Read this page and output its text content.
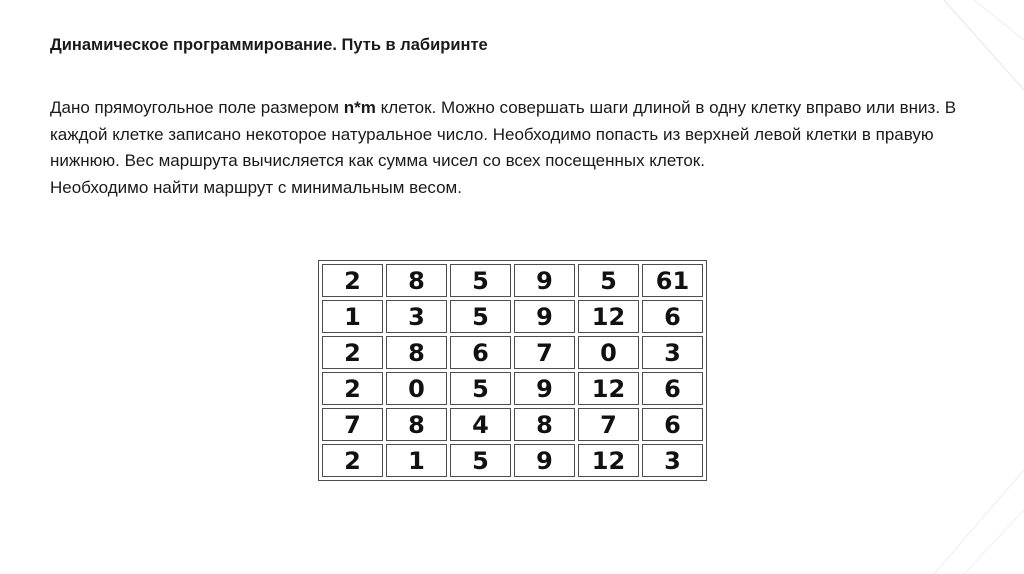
Динамическое программирование. Путь в лабиринте

Дано прямоугольное поле размером n*m клеток. Можно совершать шаги длиной в одну клетку вправо или вниз. В каждой клетке записано некоторое натуральное число. Необходимо попасть из верхней левой клетки в правую нижнюю. Вес маршрута вычисляется как сумма чисел со всех посещенных клеток.

Необходимо найти маршрут с минимальным весом.

2	8	5	9	5	61
1	3	5	9	12	6
2	8	6	7	0	3
2	0	5	9	12	6
7	8	4	8	7	6
2	1	5	9	12	3
